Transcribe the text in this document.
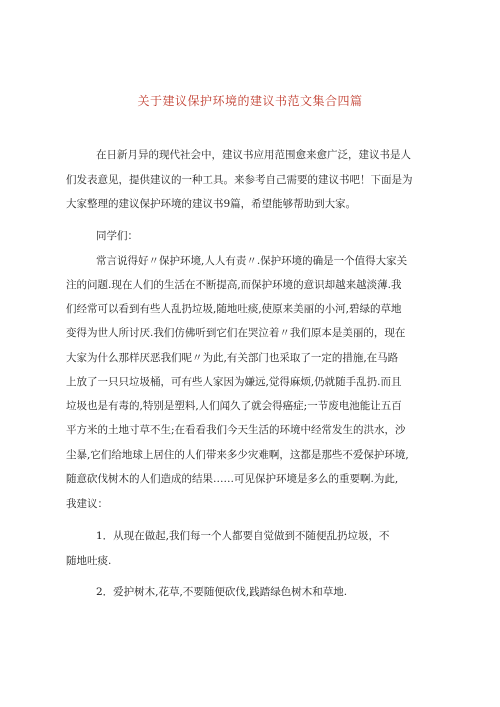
关于建议保护环境的建议书范文集合四篇
在日新月异的现代社会中，建议书应用范围愈来愈广泛，建议书是人
们发表意见，提供建议的一种工具。来参考自己需要的建议书吧！下面是为
大家整理的建议保护环境的建议书9篇，希望能够帮助到大家。
同学们：
常言说得好〃保护环境,人人有责〃.保护环境的确是一个值得大家关
注的问题.现在人们的生活在不断提高,而保护环境的意识却越来越淡薄.我
们经常可以看到有些人乱扔垃圾,随地吐痰,使原来美丽的小河,碧绿的草地
变得为世人所讨厌.我们仿佛听到它们在哭泣着〃我们原本是美丽的，现在
大家为什么那样厌恶我们呢〃为此,有关部门也采取了一定的措施,在马路
上放了一只只垃圾桶，可有些人家因为嫌远,觉得麻烦,仍就随手乱扔.而且
垃圾也是有毒的,特别是塑料,人们闻久了就会得癌症;一节废电池能让五百
平方米的土地寸草不生;在看看我们今天生活的环境中经常发生的洪水，沙
尘暴,它们给地球上居住的人们带来多少灾难啊，这都是那些不爱保护环境,
随意砍伐树木的人们造成的结果……可见保护环境是多么的重要啊.为此,
我建议：
1．从现在做起,我们每一个人都要自觉做到不随便乱扔垃圾，不
随地吐痰.
2．爱护树木,花草,不要随便砍伐,践踏绿色树木和草地.
